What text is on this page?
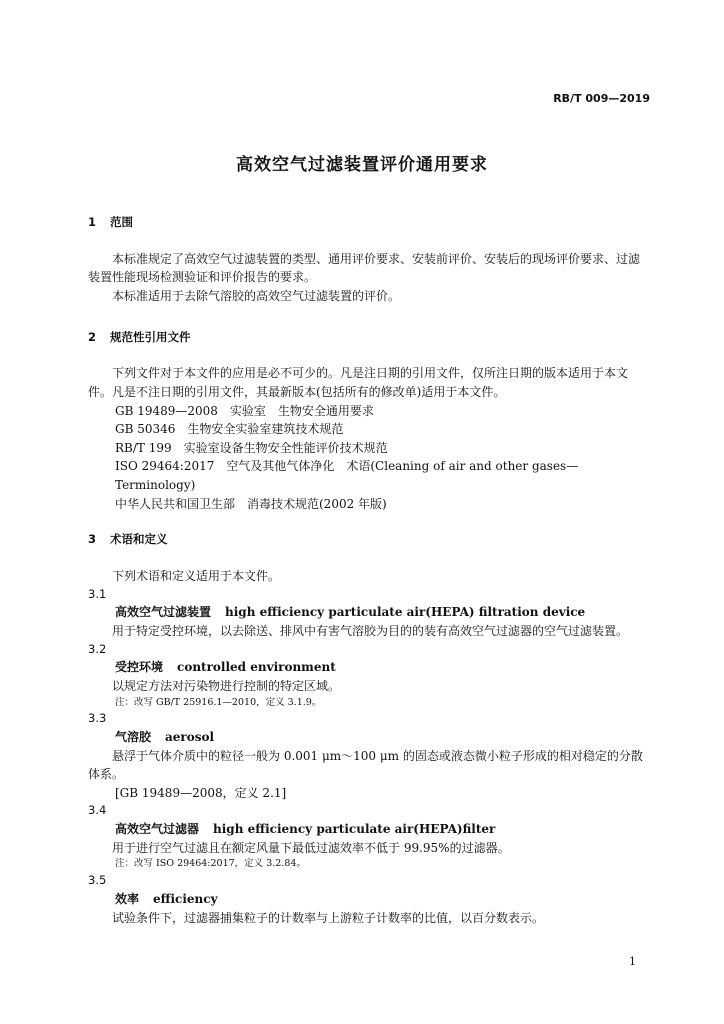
RB/T 009—2019
高效空气过滤装置评价通用要求
1 范围

本标准规定了高效空气过滤装置的类型、通用评价要求、安装前评价、安装后的现场评价要求、过滤装置性能现场检测验证和评价报告的要求。

本标准适用于去除气溶胶的高效空气过滤装置的评价。

2 规范性引用文件

下列文件对于本文件的应用是必不可少的。凡是注日期的引用文件，仅所注日期的版本适用于本文件。凡是不注日期的引用文件，其最新版本(包括所有的修改单)适用于本文件。

GB 19489—2008　实验室　生物安全通用要求

GB 50346　生物安全实验室建筑技术规范

RB/T 199　实验室设备生物安全性能评价技术规范

ISO 29464:2017　空气及其他气体净化　术语(Cleaning of air and other gases—Terminology)

中华人民共和国卫生部　消毒技术规范(2002 年版)

3 术语和定义

下列术语和定义适用于本文件。

3.1

高效空气过滤装置 high efficiency particulate air(HEPA) filtration device

用于特定受控环境，以去除送、排风中有害气溶胶为目的的装有高效空气过滤器的空气过滤装置。

3.2

受控环境 controlled environment

以规定方法对污染物进行控制的特定区域。

注：改写 GB/T 25916.1—2010，定义 3.1.9。

3.3

气溶胶 aerosol

悬浮于气体介质中的粒径一般为 0.001 μm～100 μm 的固态或液态微小粒子形成的相对稳定的分散体系。

[GB 19489—2008，定义 2.1]

3.4

高效空气过滤器 high efficiency particulate air(HEPA)filter

用于进行空气过滤且在额定风量下最低过滤效率不低于 99.95%的过滤器。

注：改写 ISO 29464:2017，定义 3.2.84。

3.5

效率 efficiency

试验条件下，过滤器捕集粒子的计数率与上游粒子计数率的比值，以百分数表示。

1
